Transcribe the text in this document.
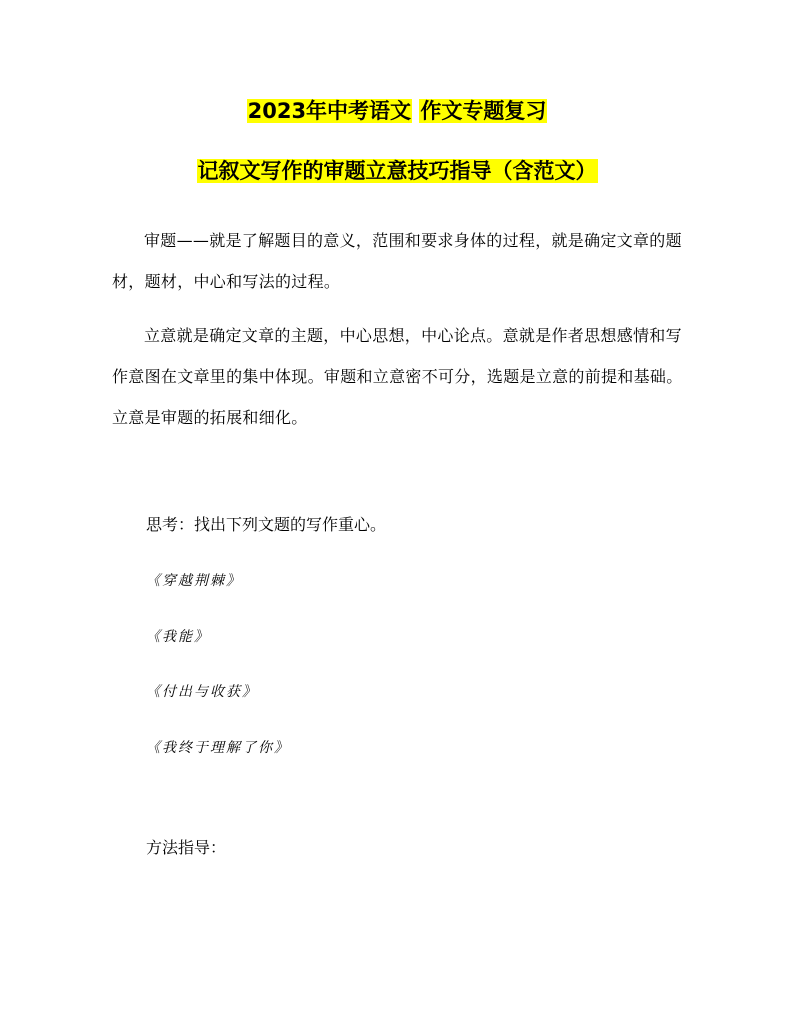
2023年中考语文 作文专题复习
记叙文写作的审题立意技巧指导（含范文）
审题——就是了解题目的意义，范围和要求身体的过程，就是确定文章的题材，题材，中心和写法的过程。
立意就是确定文章的主题，中心思想，中心论点。意就是作者思想感情和写作意图在文章里的集中体现。审题和立意密不可分，选题是立意的前提和基础。立意是审题的拓展和细化。
思考：找出下列文题的写作重心。
《穿越荆棘》
《我能》
《付出与收获》
《我终于理解了你》
方法指导：
